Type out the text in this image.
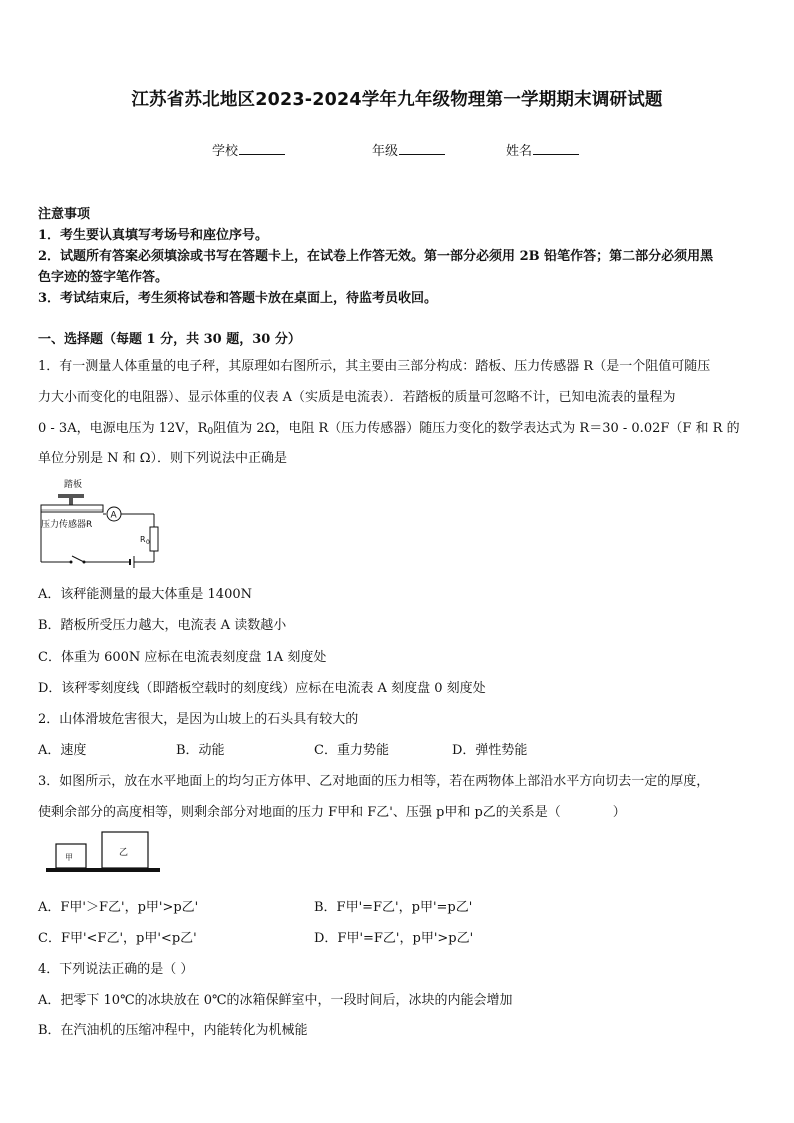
江苏省苏北地区2023-2024学年九年级物理第一学期期末调研试题
学校	年级	姓名
注意事项
1．考生要认真填写考场号和座位序号。
2．试题所有答案必须填涂或书写在答题卡上，在试卷上作答无效。第一部分必须用 2B 铅笔作答；第二部分必须用黑
色字迹的签字笔作答。
3．考试结束后，考生须将试卷和答题卡放在桌面上，待监考员收回。
一、选择题（每题 1 分，共 30 题，30 分）
1．有一测量人体重量的电子秤，其原理如右图所示，其主要由三部分构成：踏板、压力传感器 R（是一个阻值可随压
力大小而变化的电阻器）、显示体重的仪表 A（实质是电流表）．若踏板的质量可忽略不计，已知电流表的量程为
0 - 3A，电源电压为 12V，$R_0$阻值为 2Ω，电阻 R（压力传感器）随压力变化的数学表达式为 R＝30 - 0.02F（F 和 R 的
单位分别是 N 和 Ω）．则下列说法中正确是
踏板
压力传感器R
A
R 0
A．该秤能测量的最大体重是 1400N
B．踏板所受压力越大，电流表 A 读数越小
C．体重为 600N 应标在电流表刻度盘 1A 刻度处
D．该秤零刻度线（即踏板空载时的刻度线）应标在电流表 A 刻度盘 0 刻度处
2．山体滑坡危害很大，是因为山坡上的石头具有较大的
A．速度	B．动能	C．重力势能	D．弹性势能
3．如图所示，放在水平地面上的均匀正方体甲、乙对地面的压力相等，若在两物体上部沿水平方向切去一定的厚度，
使剩余部分的高度相等，则剩余部分对地面的压力 F甲和 F乙'、压强 p甲和 p乙的关系是（　　　　）
甲	乙
A．F甲'＞F乙'，p甲'>p乙'	B．F甲'=F乙'，p甲'=p乙'
C．F甲'<F乙'，p甲'<p乙'	D．F甲'=F乙'，p甲'>p乙'
4．下列说法正确的是（ ）
A．把零下 10℃的冰块放在 0℃的冰箱保鲜室中，一段时间后，冰块的内能会增加
B．在汽油机的压缩冲程中，内能转化为机械能
